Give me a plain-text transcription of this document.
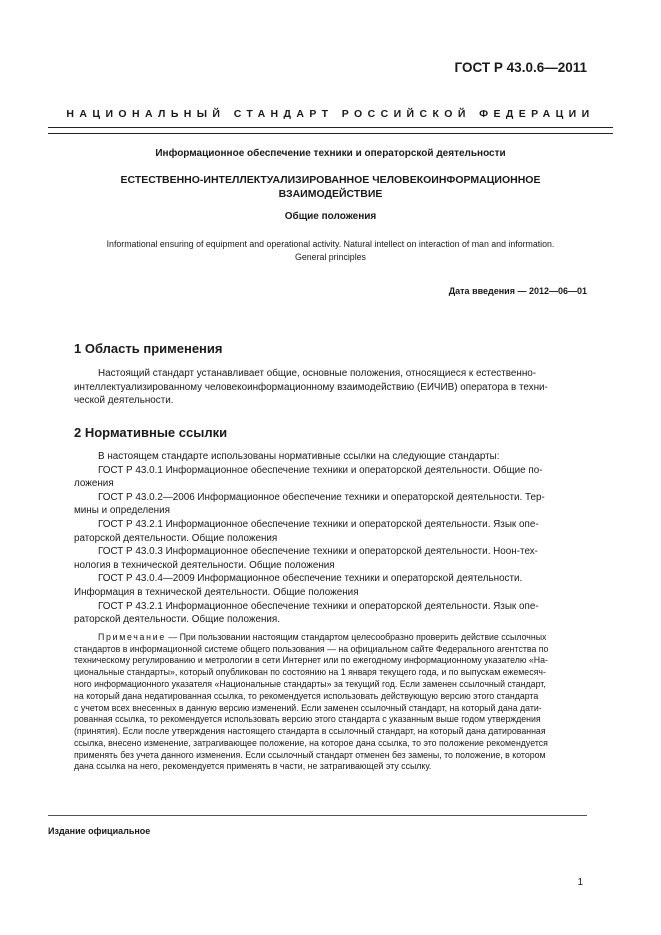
ГОСТ Р 43.0.6—2011
НАЦИОНАЛЬНЫЙ СТАНДАРТ РОССИЙСКОЙ ФЕДЕРАЦИИ
Информационное обеспечение техники и операторской деятельности
ЕСТЕСТВЕННО-ИНТЕЛЛЕКТУАЛИЗИРОВАННОЕ ЧЕЛОВЕКОИНФОРМАЦИОННОЕ
ВЗАИМОДЕЙСТВИЕ
Общие положения
Informational ensuring of equipment and operational activity. Natural intellect on interaction of man and information.
General principles
Дата введения — 2012—06—01
1 Область применения

Настоящий стандарт устанавливает общие, основные положения, относящиеся к естественно-

интеллектуализированному человекоинформационному взаимодействию (ЕИЧИВ) оператора в техни-

ческой деятельности.

2 Нормативные ссылки

В настоящем стандарте использованы нормативные ссылки на следующие стандарты:

ГОСТ Р 43.0.1 Информационное обеспечение техники и операторской деятельности. Общие по-

ложения

ГОСТ Р 43.0.2—2006 Информационное обеспечение техники и операторской деятельности. Тер-

мины и определения

ГОСТ Р 43.2.1 Информационное обеспечение техники и операторской деятельности. Язык опе-

раторской деятельности. Общие положения

ГОСТ Р 43.0.3 Информационное обеспечение техники и операторской деятельности. Ноон-тех-

нология в технической деятельности. Общие положения

ГОСТ Р 43.0.4—2009 Информационное обеспечение техники и операторской деятельности.

Информация в технической деятельности. Общие положения

ГОСТ Р 43.2.1 Информационное обеспечение техники и операторской деятельности. Язык опе-

раторской деятельности. Общие положения.

Примечание — При пользовании настоящим стандартом целесообразно проверить действие ссылочных

стандартов в информационной системе общего пользования — на официальном сайте Федерального агентства по

техническому регулированию и метрологии в сети Интернет или по ежегодному информационному указателю «На-

циональные стандарты», который опубликован по состоянию на 1 января текущего года, и по выпускам ежемесяч-

ного информационного указателя «Национальные стандарты» за текущий год. Если заменен ссылочный стандарт,

на который дана недатированная ссылка, то рекомендуется использовать действующую версию этого стандарта

с учетом всех внесенных в данную версию изменений. Если заменен ссылочный стандарт, на который дана дати-

рованная ссылка, то рекомендуется использовать версию этого стандарта с указанным выше годом утверждения

(принятия). Если после утверждения настоящего стандарта в ссылочный стандарт, на который дана датированная

ссылка, внесено изменение, затрагивающее положение, на которое дана ссылка, то это положение рекомендуется

применять без учета данного изменения. Если ссылочный стандарт отменен без замены, то положение, в котором

дана ссылка на него, рекомендуется применять в части, не затрагивающей эту ссылку.

Издание официальное
1
